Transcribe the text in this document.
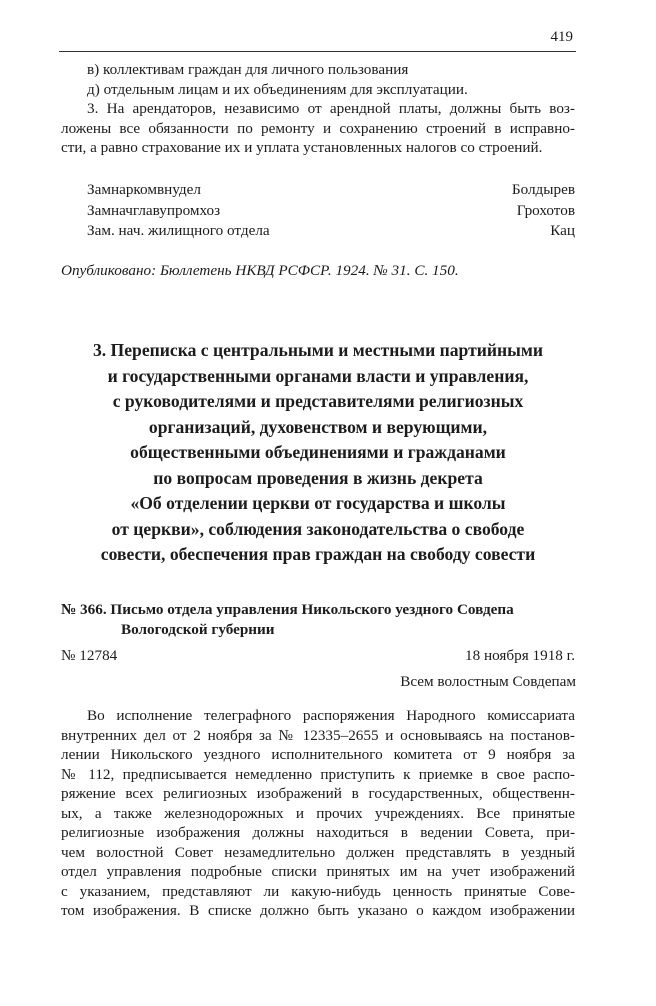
419
в) коллективам граждан для личного пользования
д) отдельным лицам и их объединениям для эксплуатации.
3. На арендаторов, независимо от арендной платы, должны быть воз-
ложены все обязанности по ремонту и сохранению строений в исправно-
сти, а равно страхование их и уплата установленных налогов со строений.
Замнаркомвнудел	Болдырев
Замначглавупромхоз	Грохотов
Зам. нач. жилищного отдела	Кац
Опубликовано: Бюллетень НКВД РСФСР. 1924. № 31. С. 150.
3. Переписка с центральными и местными партийными
и государственными органами власти и управления,
с руководителями и представителями религиозных
организаций, духовенством и верующими,
общественными объединениями и гражданами
по вопросам проведения в жизнь декрета
«Об отделении церкви от государства и школы
от церкви», соблюдения законодательства о свободе
совести, обеспечения прав граждан на свободу совести
№ 366. Письмо отдела управления Никольского уездного Совдепа
Вологодской губернии
№ 12784	18 ноября 1918 г.
Всем волостным Совдепам
Во исполнение телеграфного распоряжения Народного комиссариата
внутренних дел от 2 ноября за № 12335–2655 и основываясь на постанов-
лении Никольского уездного исполнительного комитета от 9 ноября за
№ 112, предписывается немедленно приступить к приемке в свое распо-
ряжение всех религиозных изображений в государственных, общественн-
ых, а также железнодорожных и прочих учреждениях. Все принятые
религиозные изображения должны находиться в ведении Совета, при-
чем волостной Совет незамедлительно должен представлять в уездный
отдел управления подробные списки принятых им на учет изображений
с указанием, представляют ли какую-нибудь ценность принятые Сове-
том изображения. В списке должно быть указано о каждом изображении
